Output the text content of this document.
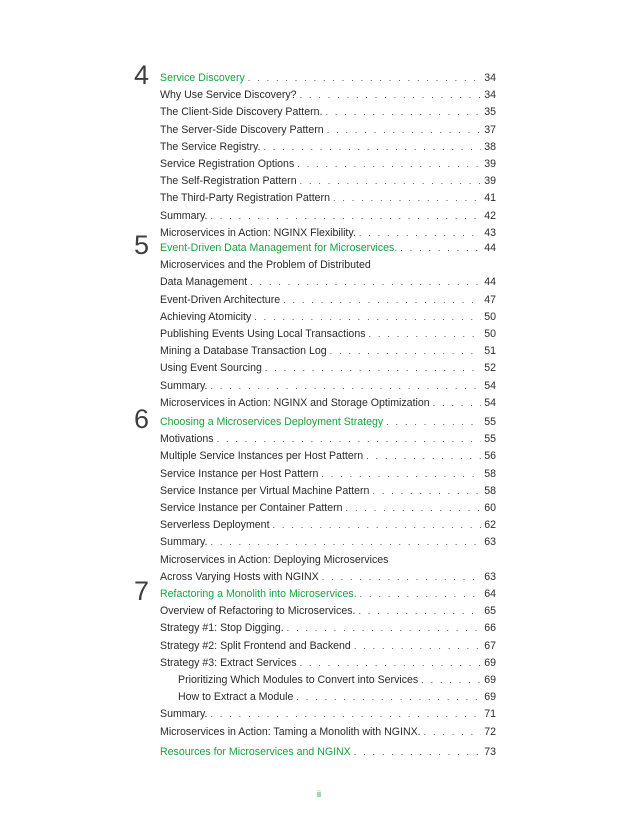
4	Service Discovery . . .	34
Why Use Service Discovery? . . .	34
The Client-Side Discovery Pattern. . . .	35
The Server-Side Discovery Pattern . . .	37
The Service Registry. . . .	38
Service Registration Options . . .	39
The Self-Registration Pattern . . .	39
The Third-Party Registration Pattern . . .	41
Summary. . . .	42
Microservices in Action: NGINX Flexibility. . . .	43
5	Event-Driven Data Management for Microservices. . . .	44
Microservices and the Problem of Distributed
Data Management . . .	44
Event-Driven Architecture . . .	47
Achieving Atomicity . . .	50
Publishing Events Using Local Transactions . . .	50
Mining a Database Transaction Log . . .	51
Using Event Sourcing . . .	52
Summary. . . .	54
Microservices in Action: NGINX and Storage Optimization . . .	54
6	Choosing a Microservices Deployment Strategy . . .	55
Motivations . . .	55
Multiple Service Instances per Host Pattern . . .	56
Service Instance per Host Pattern . . .	58
Service Instance per Virtual Machine Pattern . . .	58
Service Instance per Container Pattern . . .	60
Serverless Deployment . . .	62
Summary. . . .	63
Microservices in Action: Deploying Microservices
Across Varying Hosts with NGINX . . .	63
7	Refactoring a Monolith into Microservices. . . .	64
Overview of Refactoring to Microservices. . . .	65
Strategy #1: Stop Digging. . . .	66
Strategy #2: Split Frontend and Backend . . .	67
Strategy #3: Extract Services . . .	69
Prioritizing Which Modules to Convert into Services . . .	69
How to Extract a Module . . .	69
Summary. . . .	71
Microservices in Action: Taming a Monolith with NGINX. . . .	72
Resources for Microservices and NGINX . . .	73
ii
